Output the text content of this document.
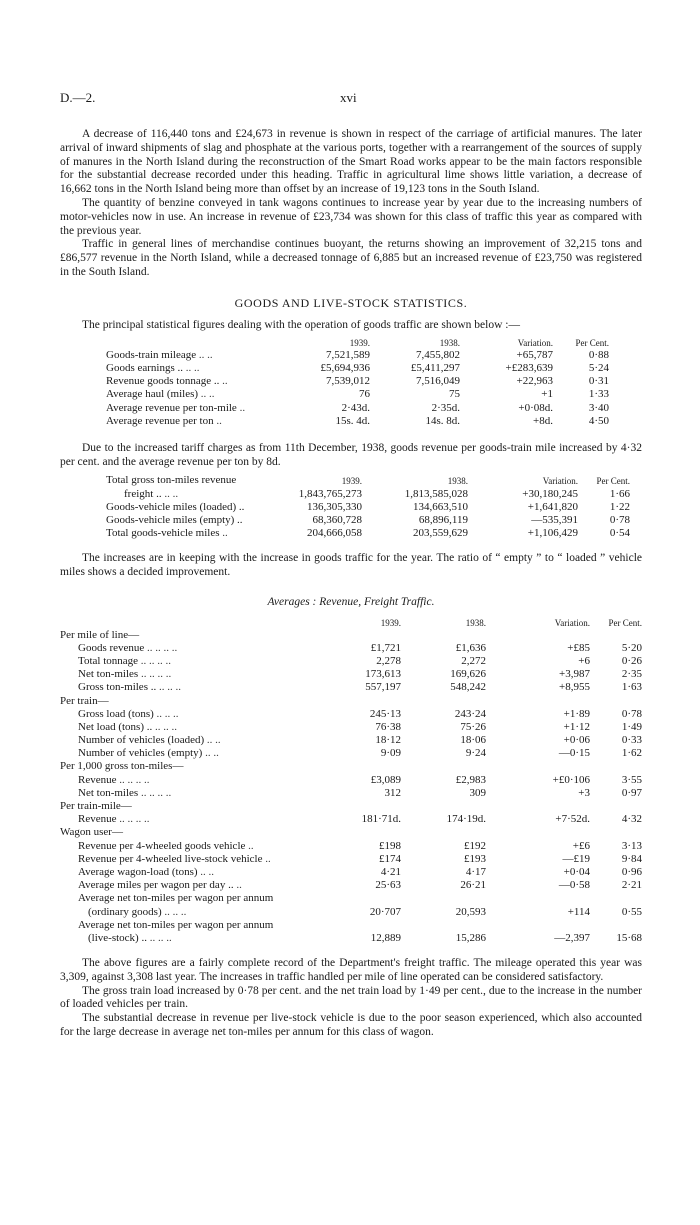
D.—2.	xvi

A decrease of 116,440 tons and £24,673 in revenue is shown in respect of the carriage of artificial manures. The later arrival of inward shipments of slag and phosphate at the various ports, together with a rearrangement of the sources of supply of manures in the North Island during the reconstruction of the Smart Road works appear to be the main factors responsible for the substantial decrease recorded under this heading. Traffic in agricultural lime shows little variation, a decrease of 16,662 tons in the North Island being more than offset by an increase of 19,123 tons in the South Island.

The quantity of benzine conveyed in tank wagons continues to increase year by year due to the increasing numbers of motor-vehicles now in use. An increase in revenue of £23,734 was shown for this class of traffic this year as compared with the previous year.

Traffic in general lines of merchandise continues buoyant, the returns showing an improvement of 32,215 tons and £86,577 revenue in the North Island, while a decreased tonnage of 6,885 but an increased revenue of £23,750 was registered in the South Island.

GOODS AND LIVE-STOCK STATISTICS.

The principal statistical figures dealing with the operation of goods traffic are shown below :—

	1939.	1938.	Variation.	Per Cent.
Goods-train mileage .. ..	7,521,589	7,455,802	+65,787	0·88
Goods earnings .. .. ..	£5,694,936	£5,411,297	+£283,639	5·24
Revenue goods tonnage .. ..	7,539,012	7,516,049	+22,963	0·31
Average haul (miles) .. ..	76	75	+1	1·33
Average revenue per ton-mile ..	2·43d.	2·35d.	+0·08d.	3·40
Average revenue per ton ..	15s. 4d.	14s. 8d.	+8d.	4·50

Due to the increased tariff charges as from 11th December, 1938, goods revenue per goods-train mile increased by 4·32 per cent. and the average revenue per ton by 8d.

Total gross ton-miles revenue	1939.	1938.	Variation.	Per Cent.
freight .. .. ..	1,843,765,273	1,813,585,028	+30,180,245	1·66
Goods-vehicle miles (loaded) ..	136,305,330	134,663,510	+1,641,820	1·22
Goods-vehicle miles (empty) ..	68,360,728	68,896,119	—535,391	0·78
Total goods-vehicle miles ..	204,666,058	203,559,629	+1,106,429	0·54

The increases are in keeping with the increase in goods traffic for the year. The ratio of “ empty ” to “ loaded ” vehicle miles shows a decided improvement.

Averages : Revenue, Freight Traffic.
	1939.	1938.	Variation.	Per Cent.
Per mile of line—				
Goods revenue .. .. .. ..	£1,721	£1,636	+£85	5·20
Total tonnage .. .. .. ..	2,278	2,272	+6	0·26
Net ton-miles .. .. .. ..	173,613	169,626	+3,987	2·35
Gross ton-miles .. .. .. ..	557,197	548,242	+8,955	1·63
Per train—				
Gross load (tons) .. .. ..	245·13	243·24	+1·89	0·78
Net load (tons) .. .. .. ..	76·38	75·26	+1·12	1·49
Number of vehicles (loaded) .. ..	18·12	18·06	+0·06	0·33
Number of vehicles (empty) .. ..	9·09	9·24	—0·15	1·62
Per 1,000 gross ton-miles—				
Revenue .. .. .. ..	£3,089	£2,983	+£0·106	3·55
Net ton-miles .. .. .. ..	312	309	+3	0·97
Per train-mile—				
Revenue .. .. .. ..	181·71d.	174·19d.	+7·52d.	4·32
Wagon user—				
Revenue per 4-wheeled goods vehicle ..	£198	£192	+£6	3·13
Revenue per 4-wheeled live-stock vehicle ..	£174	£193	—£19	9·84
Average wagon-load (tons) .. ..	4·21	4·17	+0·04	0·96
Average miles per wagon per day .. ..	25·63	26·21	—0·58	2·21
Average net ton-miles per wagon per annum				
(ordinary goods) .. .. ..	20·707	20,593	+114	0·55
Average net ton-miles per wagon per annum				
(live-stock) .. .. .. ..	12,889	15,286	—2,397	15·68

The above figures are a fairly complete record of the Department's freight traffic. The mileage operated this year was 3,309, against 3,308 last year. The increases in traffic handled per mile of line operated can be considered satisfactory.

The gross train load increased by 0·78 per cent. and the net train load by 1·49 per cent., due to the increase in the number of loaded vehicles per train.

The substantial decrease in revenue per live-stock vehicle is due to the poor season experienced, which also accounted for the large decrease in average net ton-miles per annum for this class of wagon.
